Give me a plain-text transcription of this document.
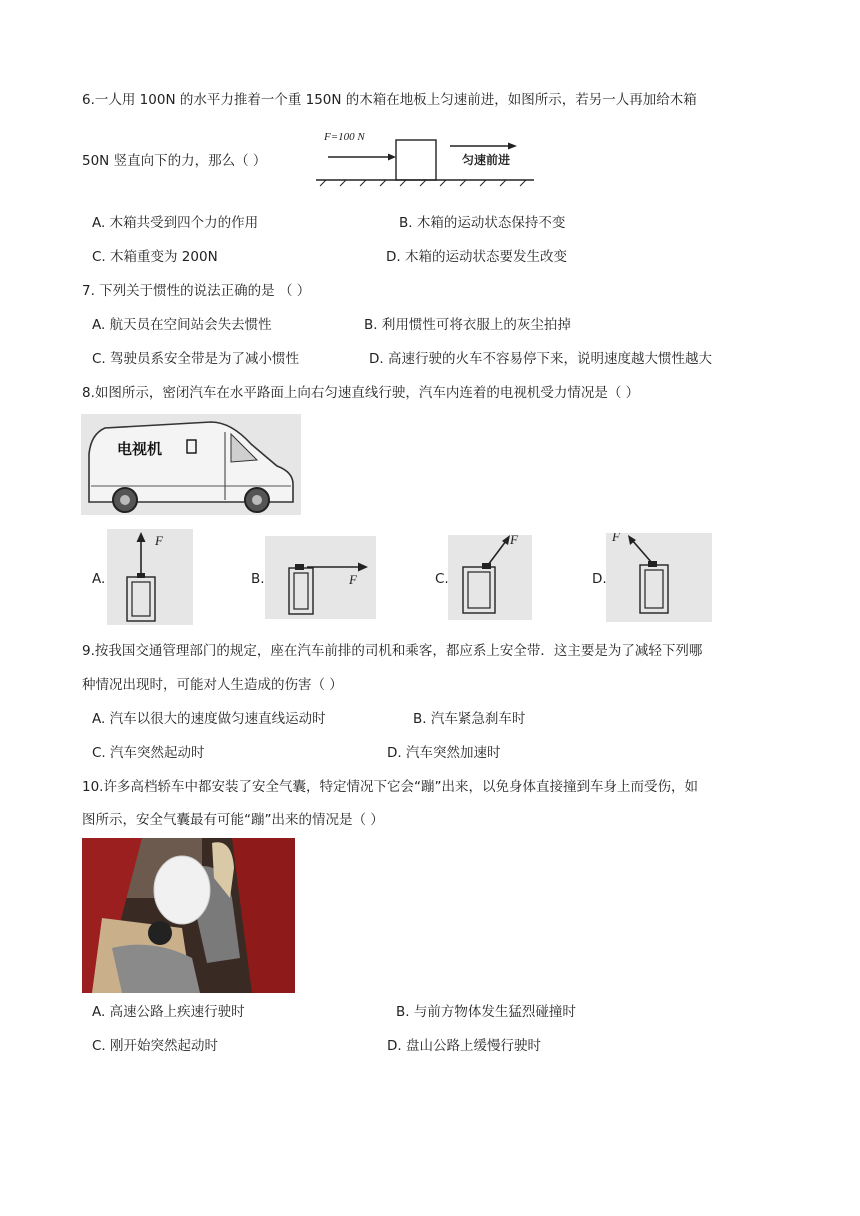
6.一人用 100N 的水平力推着一个重 150N 的木箱在地板上匀速前进，如图所示，若另一人再加给木箱
50N 竖直向下的力，那么（ ）
F=100 N
匀速前进
A. 木箱共受到四个力的作用	B. 木箱的运动状态保持不变
C. 木箱重变为 200N	D. 木箱的运动状态要发生改变
7. 下列关于惯性的说法正确的是 （ ）
A. 航天员在空间站会失去惯性	B. 利用惯性可将衣服上的灰尘拍掉
C. 驾驶员系安全带是为了减小惯性	D. 高速行驶的火车不容易停下来，说明速度越大惯性越大
8.如图所示，密闭汽车在水平路面上向右匀速直线行驶，汽车内连着的电视机受力情况是（ ）
电视机
A.
F
B.	F	C.
F
D.
F
9.按我国交通管理部门的规定，座在汽车前排的司机和乘客，都应系上安全带．这主要是为了减轻下列哪
种情况出现时，可能对人生造成的伤害（ ）
A. 汽车以很大的速度做匀速直线运动时	B. 汽车紧急刹车时
C. 汽车突然起动时	D. 汽车突然加速时
10.许多高档轿车中都安装了安全气囊，特定情况下它会“蹦”出来，以免身体直接撞到车身上而受伤，如
图所示，安全气囊最有可能“蹦”出来的情况是（ ）
A. 高速公路上疾速行驶时	B. 与前方物体发生猛烈碰撞时
C. 刚开始突然起动时	D. 盘山公路上缓慢行驶时
